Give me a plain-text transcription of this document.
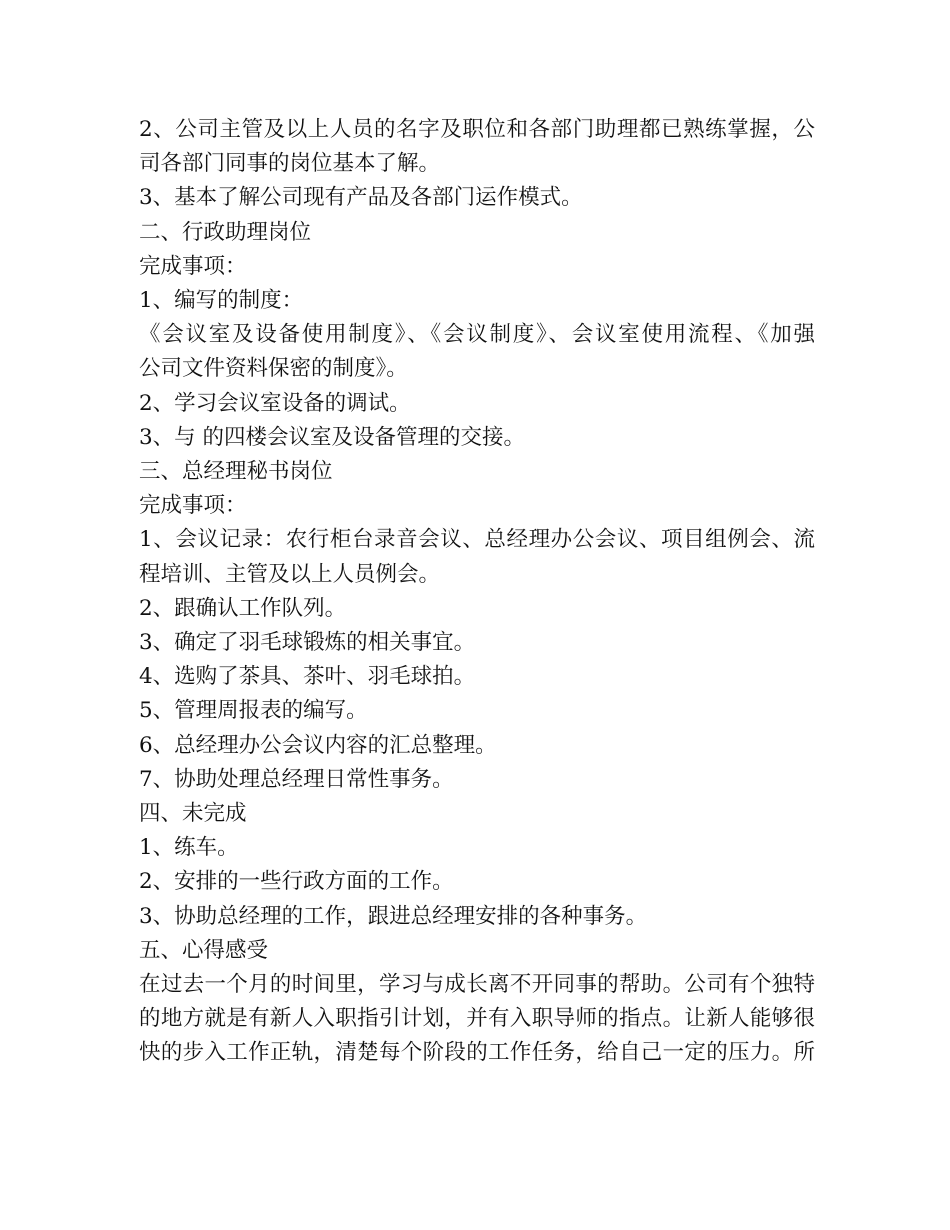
2、公司主管及以上人员的名字及职位和各部门助理都已熟练掌握，公
司各部门同事的岗位基本了解。
3、基本了解公司现有产品及各部门运作模式。
二、行政助理岗位
完成事项：
1、编写的制度：
《会议室及设备使用制度》、《会议制度》、会议室使用流程、《加强
公司文件资料保密的制度》。
2、学习会议室设备的调试。
3、与 的四楼会议室及设备管理的交接。
三、总经理秘书岗位
完成事项：
1、会议记录：农行柜台录音会议、总经理办公会议、项目组例会、流
程培训、主管及以上人员例会。
2、跟确认工作队列。
3、确定了羽毛球锻炼的相关事宜。
4、选购了茶具、茶叶、羽毛球拍。
5、管理周报表的编写。
6、总经理办公会议内容的汇总整理。
7、协助处理总经理日常性事务。
四、未完成
1、练车。
2、安排的一些行政方面的工作。
3、协助总经理的工作，跟进总经理安排的各种事务。
五、心得感受
在过去一个月的时间里，学习与成长离不开同事的帮助。公司有个独特
的地方就是有新人入职指引计划，并有入职导师的指点。让新人能够很
快的步入工作正轨，清楚每个阶段的工作任务，给自己一定的压力。所
